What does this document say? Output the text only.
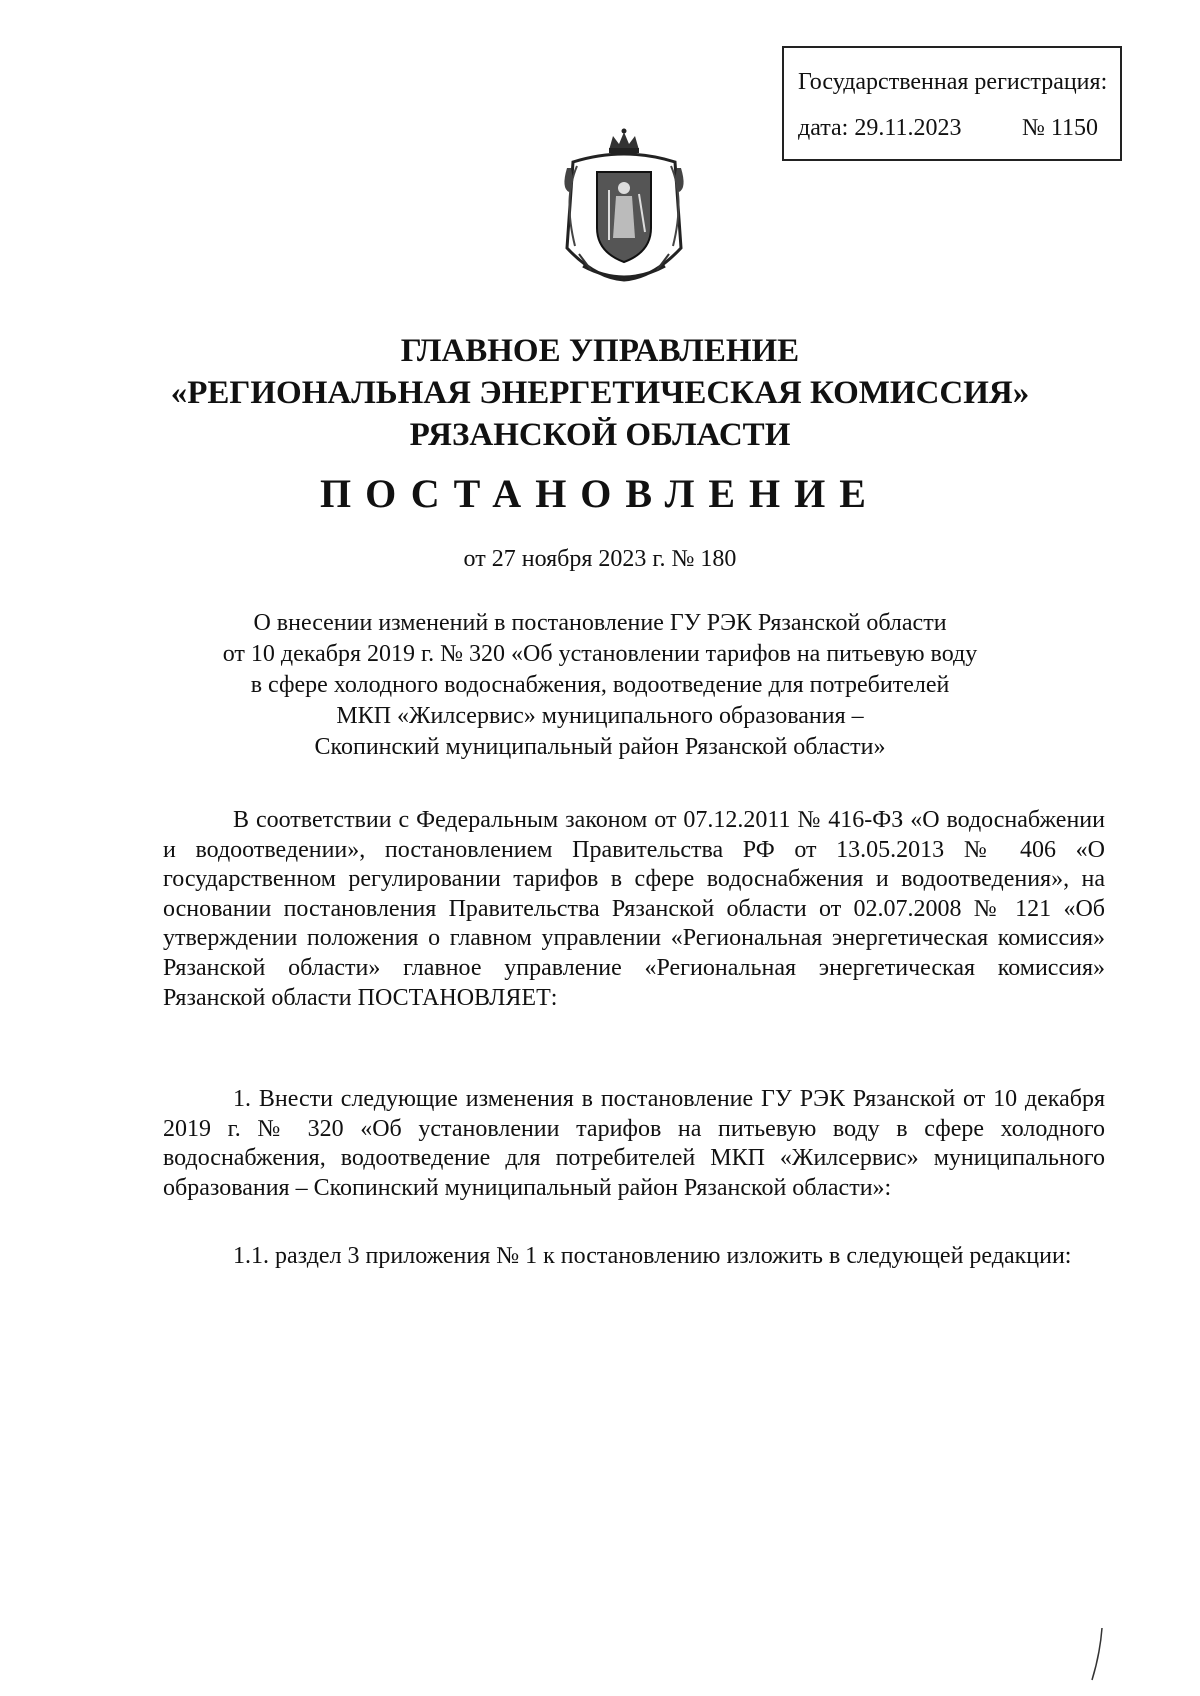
Государственная регистрация:
дата: 29.11.2023	№ 1150
ГЛАВНОЕ УПРАВЛЕНИЕ
«РЕГИОНАЛЬНАЯ ЭНЕРГЕТИЧЕСКАЯ КОМИССИЯ»
РЯЗАНСКОЙ ОБЛАСТИ
ПОСТАНОВЛЕНИЕ
от 27 ноября 2023 г. № 180
О внесении изменений в постановление ГУ РЭК Рязанской области
от 10 декабря 2019 г. № 320 «Об установлении тарифов на питьевую воду
в сфере холодного водоснабжения, водоотведение для потребителей
МКП «Жилсервис» муниципального образования –
Скопинский муниципальный район Рязанской области»

В соответствии с Федеральным законом от 07.12.2011 № 416-ФЗ «О водоснабжении и водоотведении», постановлением Правительства РФ от 13.05.2013 № 406 «О государственном регулировании тарифов в сфере водоснабжения и водоотведения», на основании постановления Правительства Рязанской области от 02.07.2008 № 121 «Об утверждении положения о главном управлении «Региональная энергетическая комиссия» Рязанской области» главное управление «Региональная энергетическая комиссия» Рязанской области ПОСТАНОВЛЯЕТ:

1. Внести следующие изменения в постановление ГУ РЭК Рязанской от 10 декабря 2019 г. № 320 «Об установлении тарифов на питьевую воду в сфере холодного водоснабжения, водоотведение для потребителей МКП «Жилсервис» муниципального образования – Скопинский муниципальный район Рязанской области»:

1.1. раздел 3 приложения № 1 к постановлению изложить в следующей редакции:
